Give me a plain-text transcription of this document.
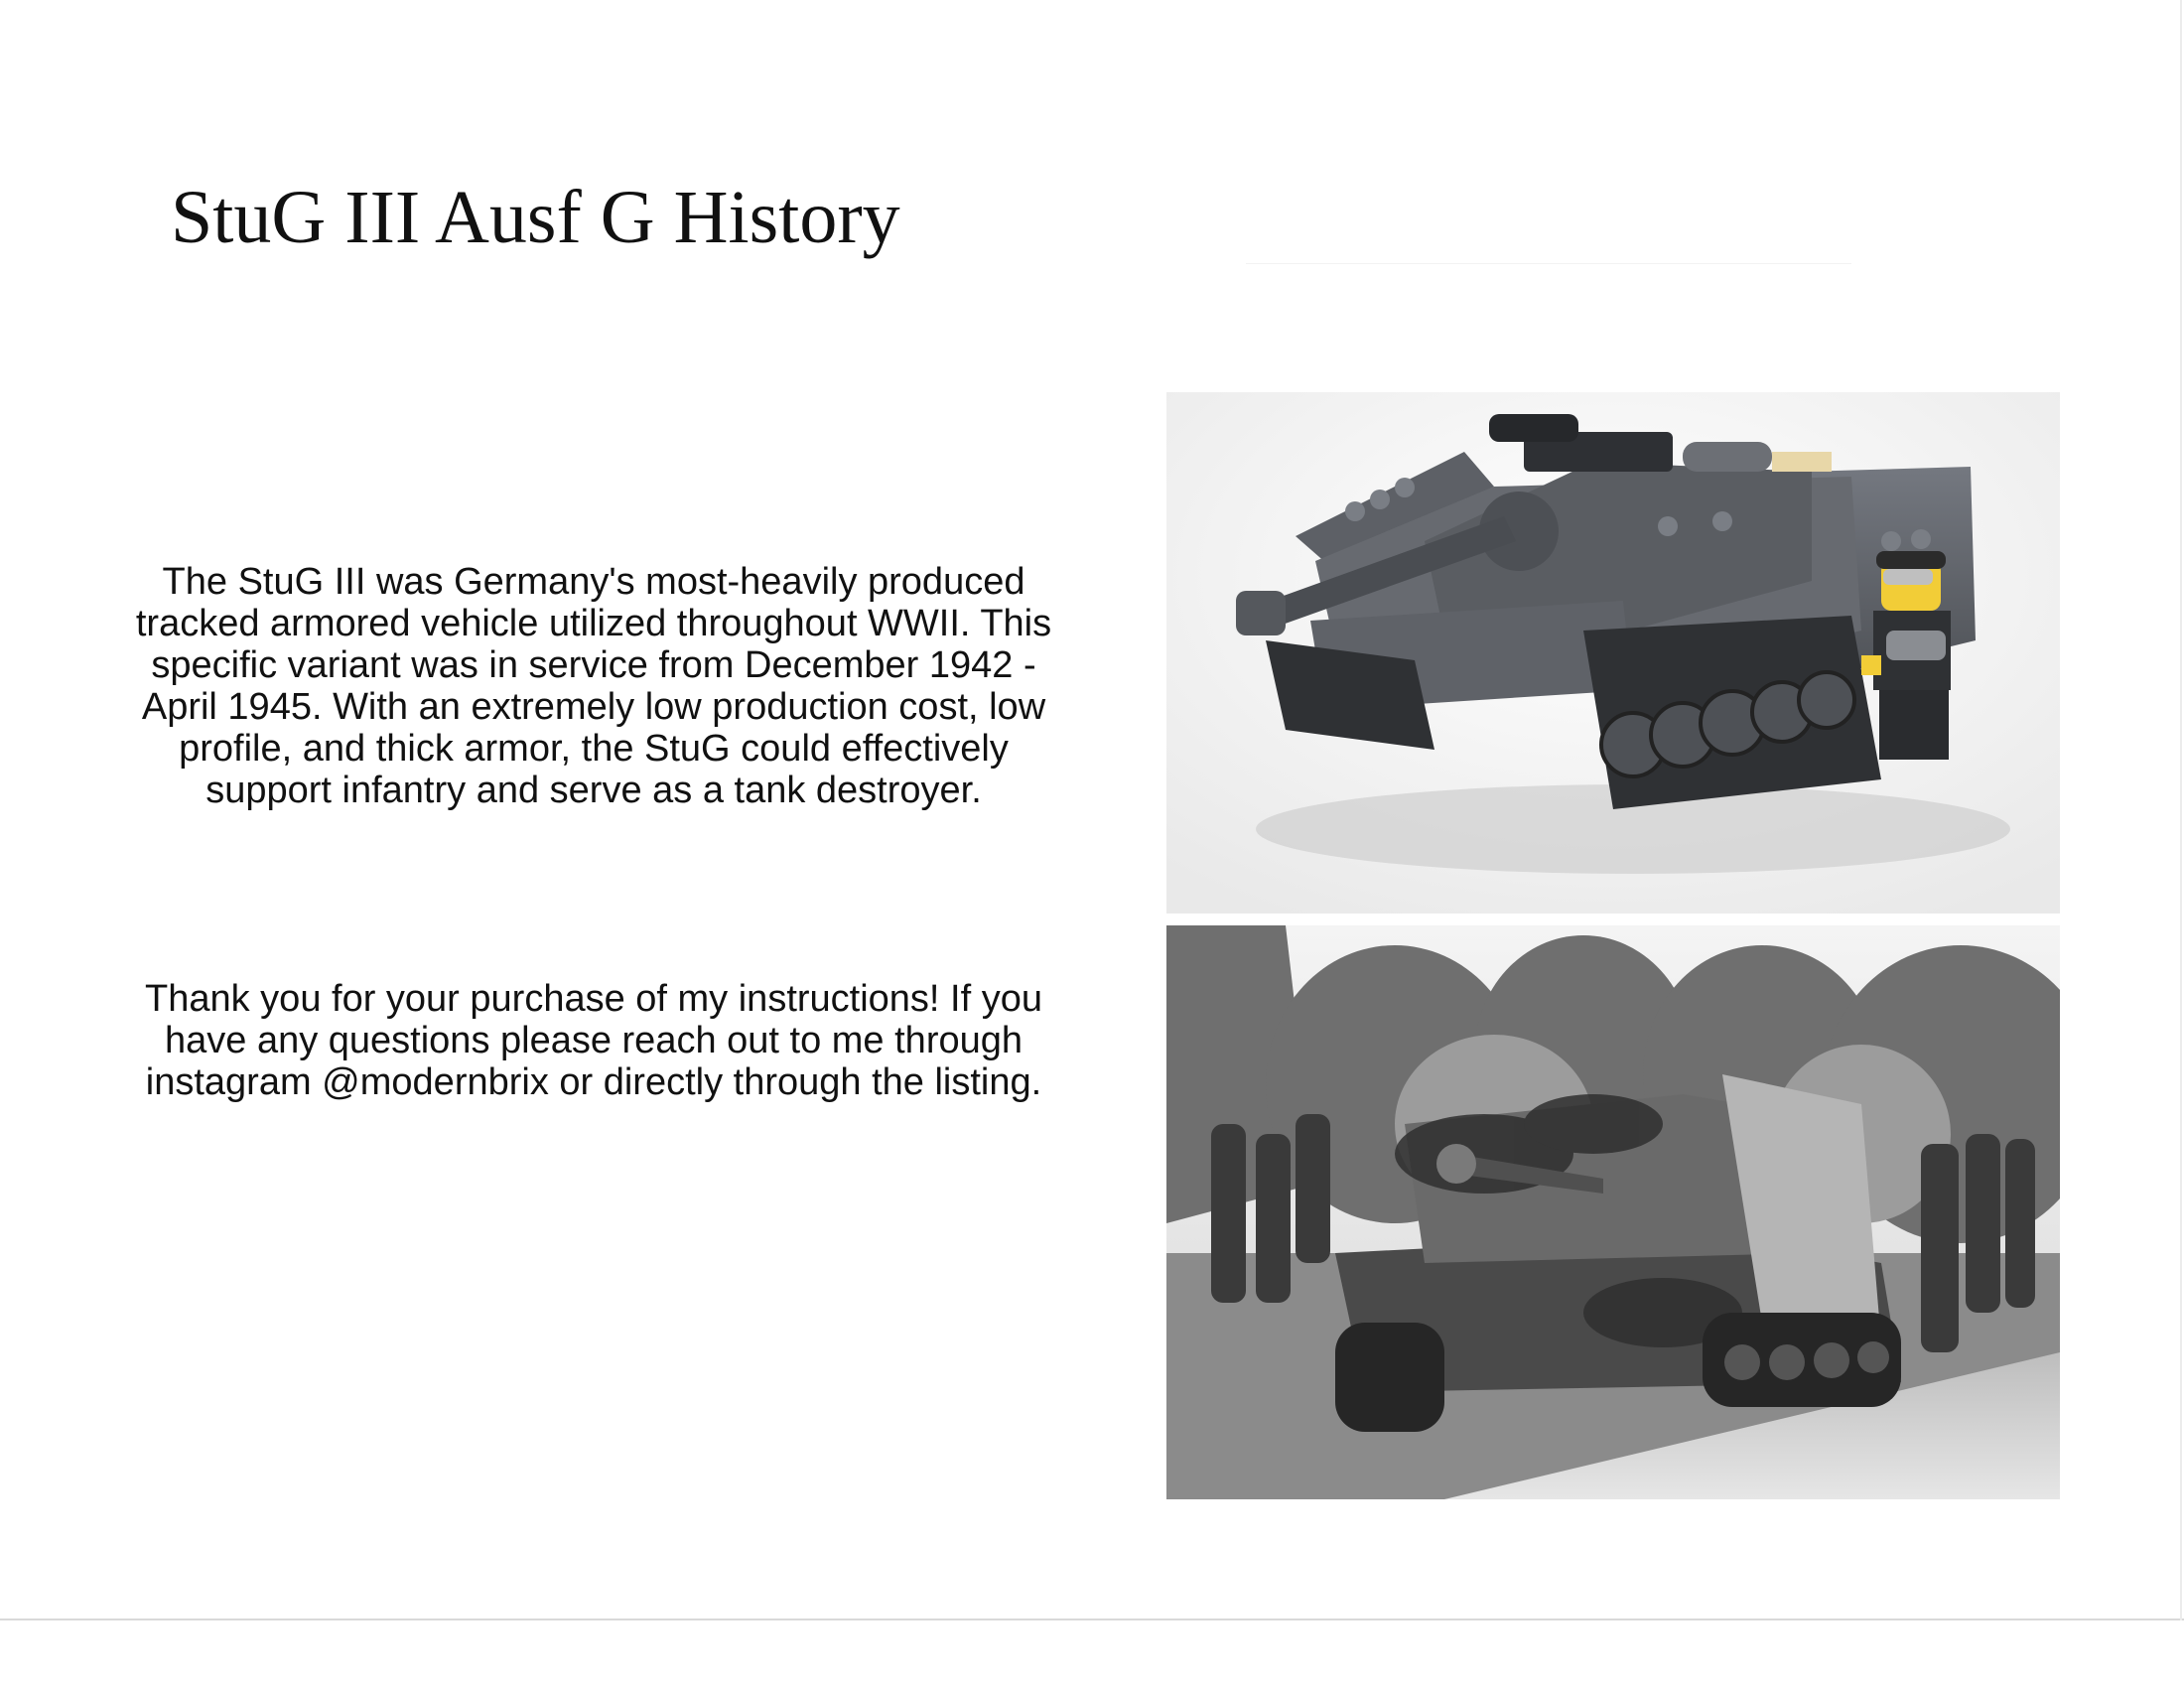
StuG III Ausf G History

The StuG III was Germany's most-heavily produced tracked armored vehicle utilized throughout WWII. This specific variant was in service from December 1942 - April 1945. With an extremely low production cost, low profile, and thick armor, the StuG could effectively support infantry and serve as a tank destroyer.

Thank you for your purchase of my instructions! If you have any questions please reach out to me through instagram @modernbrix or directly through the listing.
